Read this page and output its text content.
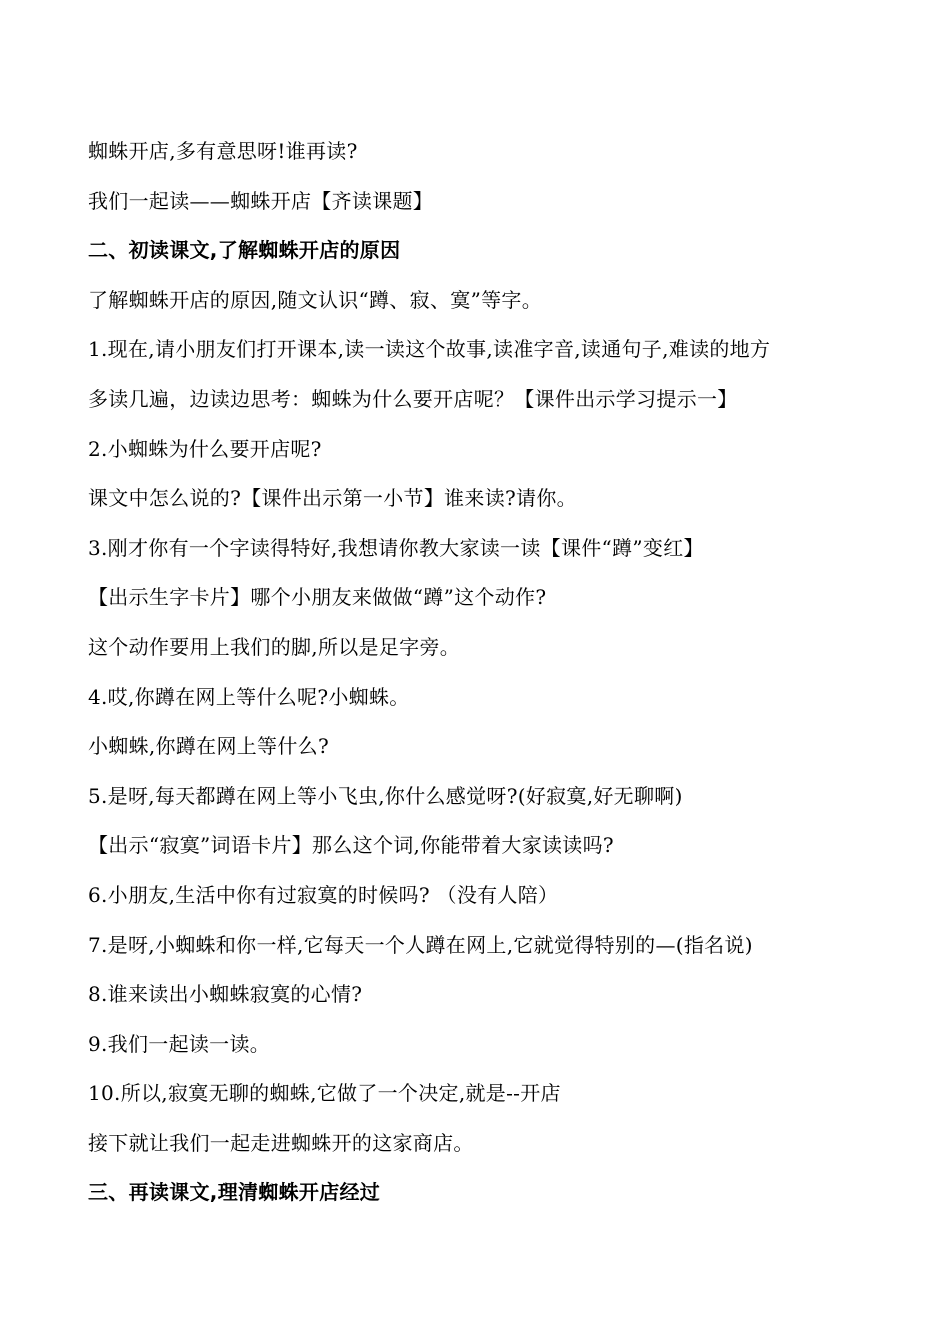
蜘蛛开店,多有意思呀!谁再读?
我们一起读——蜘蛛开店【齐读课题】
二、初读课文,了解蜘蛛开店的原因
了解蜘蛛开店的原因,随文认识“蹲、寂、寞”等字。
1.现在,请小朋友们打开课本,读一读这个故事,读准字音,读通句子,难读的地方
多读几遍，边读边思考：蜘蛛为什么要开店呢？【课件出示学习提示一】
2.小蜘蛛为什么要开店呢?
课文中怎么说的?【课件出示第一小节】谁来读?请你。
3.刚才你有一个字读得特好,我想请你教大家读一读【课件“蹲”变红】
【出示生字卡片】哪个小朋友来做做“蹲”这个动作?
这个动作要用上我们的脚,所以是足字旁。
4.哎,你蹲在网上等什么呢?小蜘蛛。
小蜘蛛,你蹲在网上等什么?
5.是呀,每天都蹲在网上等小飞虫,你什么感觉呀?(好寂寞,好无聊啊)
【出示“寂寞”词语卡片】那么这个词,你能带着大家读读吗?
6.小朋友,生活中你有过寂寞的时候吗? （没有人陪）
7.是呀,小蜘蛛和你一样,它每天一个人蹲在网上,它就觉得特别的—(指名说)
8.谁来读出小蜘蛛寂寞的心情?
9.我们一起读一读。
10.所以,寂寞无聊的蜘蛛,它做了一个决定,就是--开店
接下就让我们一起走进蜘蛛开的这家商店。
三、再读课文,理清蜘蛛开店经过
